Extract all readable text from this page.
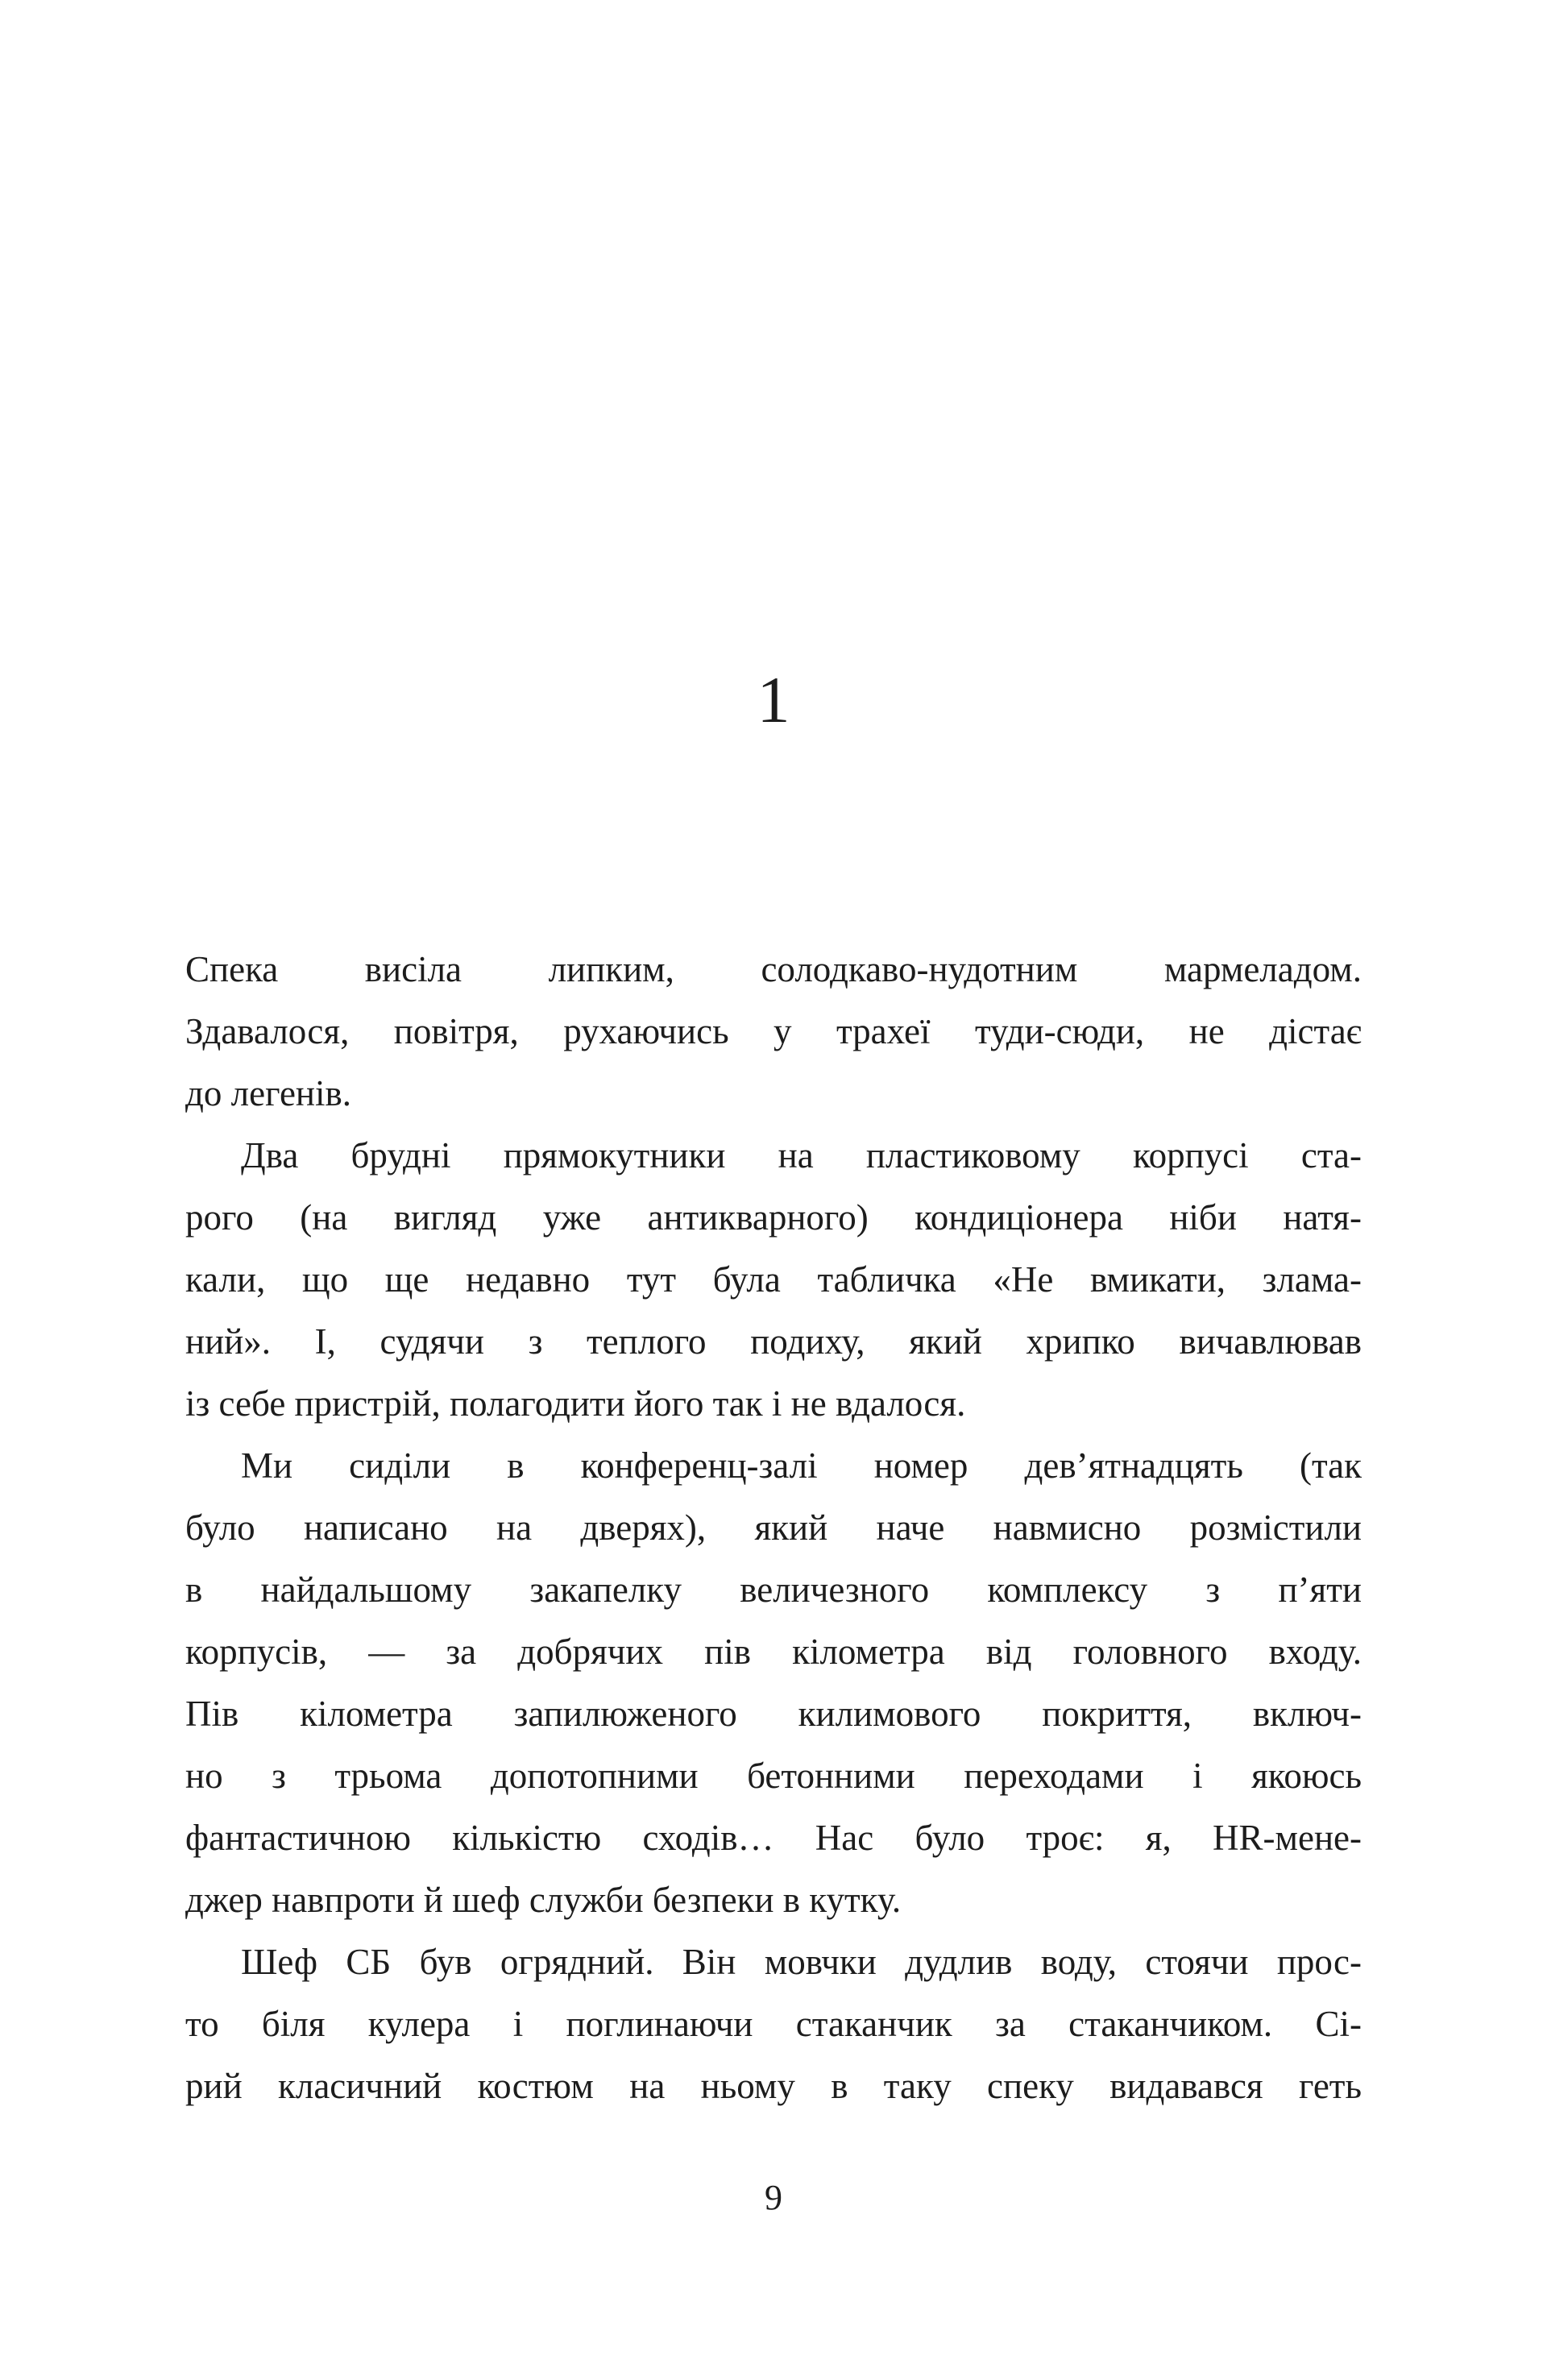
1
Спека висіла липким, солодкаво-нудотним мармеладом.
Здавалося, повітря, рухаючись у трахеї туди-сюди, не дістає
до легенів.
Два брудні прямокутники на пластиковому корпусі ста-
рого (на вигляд уже антикварного) кондиціонера ніби натя-
кали, що ще недавно тут була табличка «Не вмикати, злама-
ний». І, судячи з теплого подиху, який хрипко вичавлював
із себе пристрій, полагодити його так і не вдалося.
Ми сиділи в конференц-залі номер дев’ятнадцять (так
було написано на дверях), який наче навмисно розмістили
в найдальшому закапелку величезного комплексу з п’яти
корпусів, — за добрячих пів кілометра від головного входу.
Пів кілометра запилюженого килимового покриття, включ-
но з трьома допотопними бетонними переходами і якоюсь
фантастичною кількістю сходів… Нас було троє: я, HR-мене-
джер навпроти й шеф служби безпеки в кутку.
Шеф СБ був огрядний. Він мовчки дудлив воду, стоячи прос-
то біля кулера і поглинаючи стаканчик за стаканчиком. Сі-
рий класичний костюм на ньому в таку спеку видавався геть
9
